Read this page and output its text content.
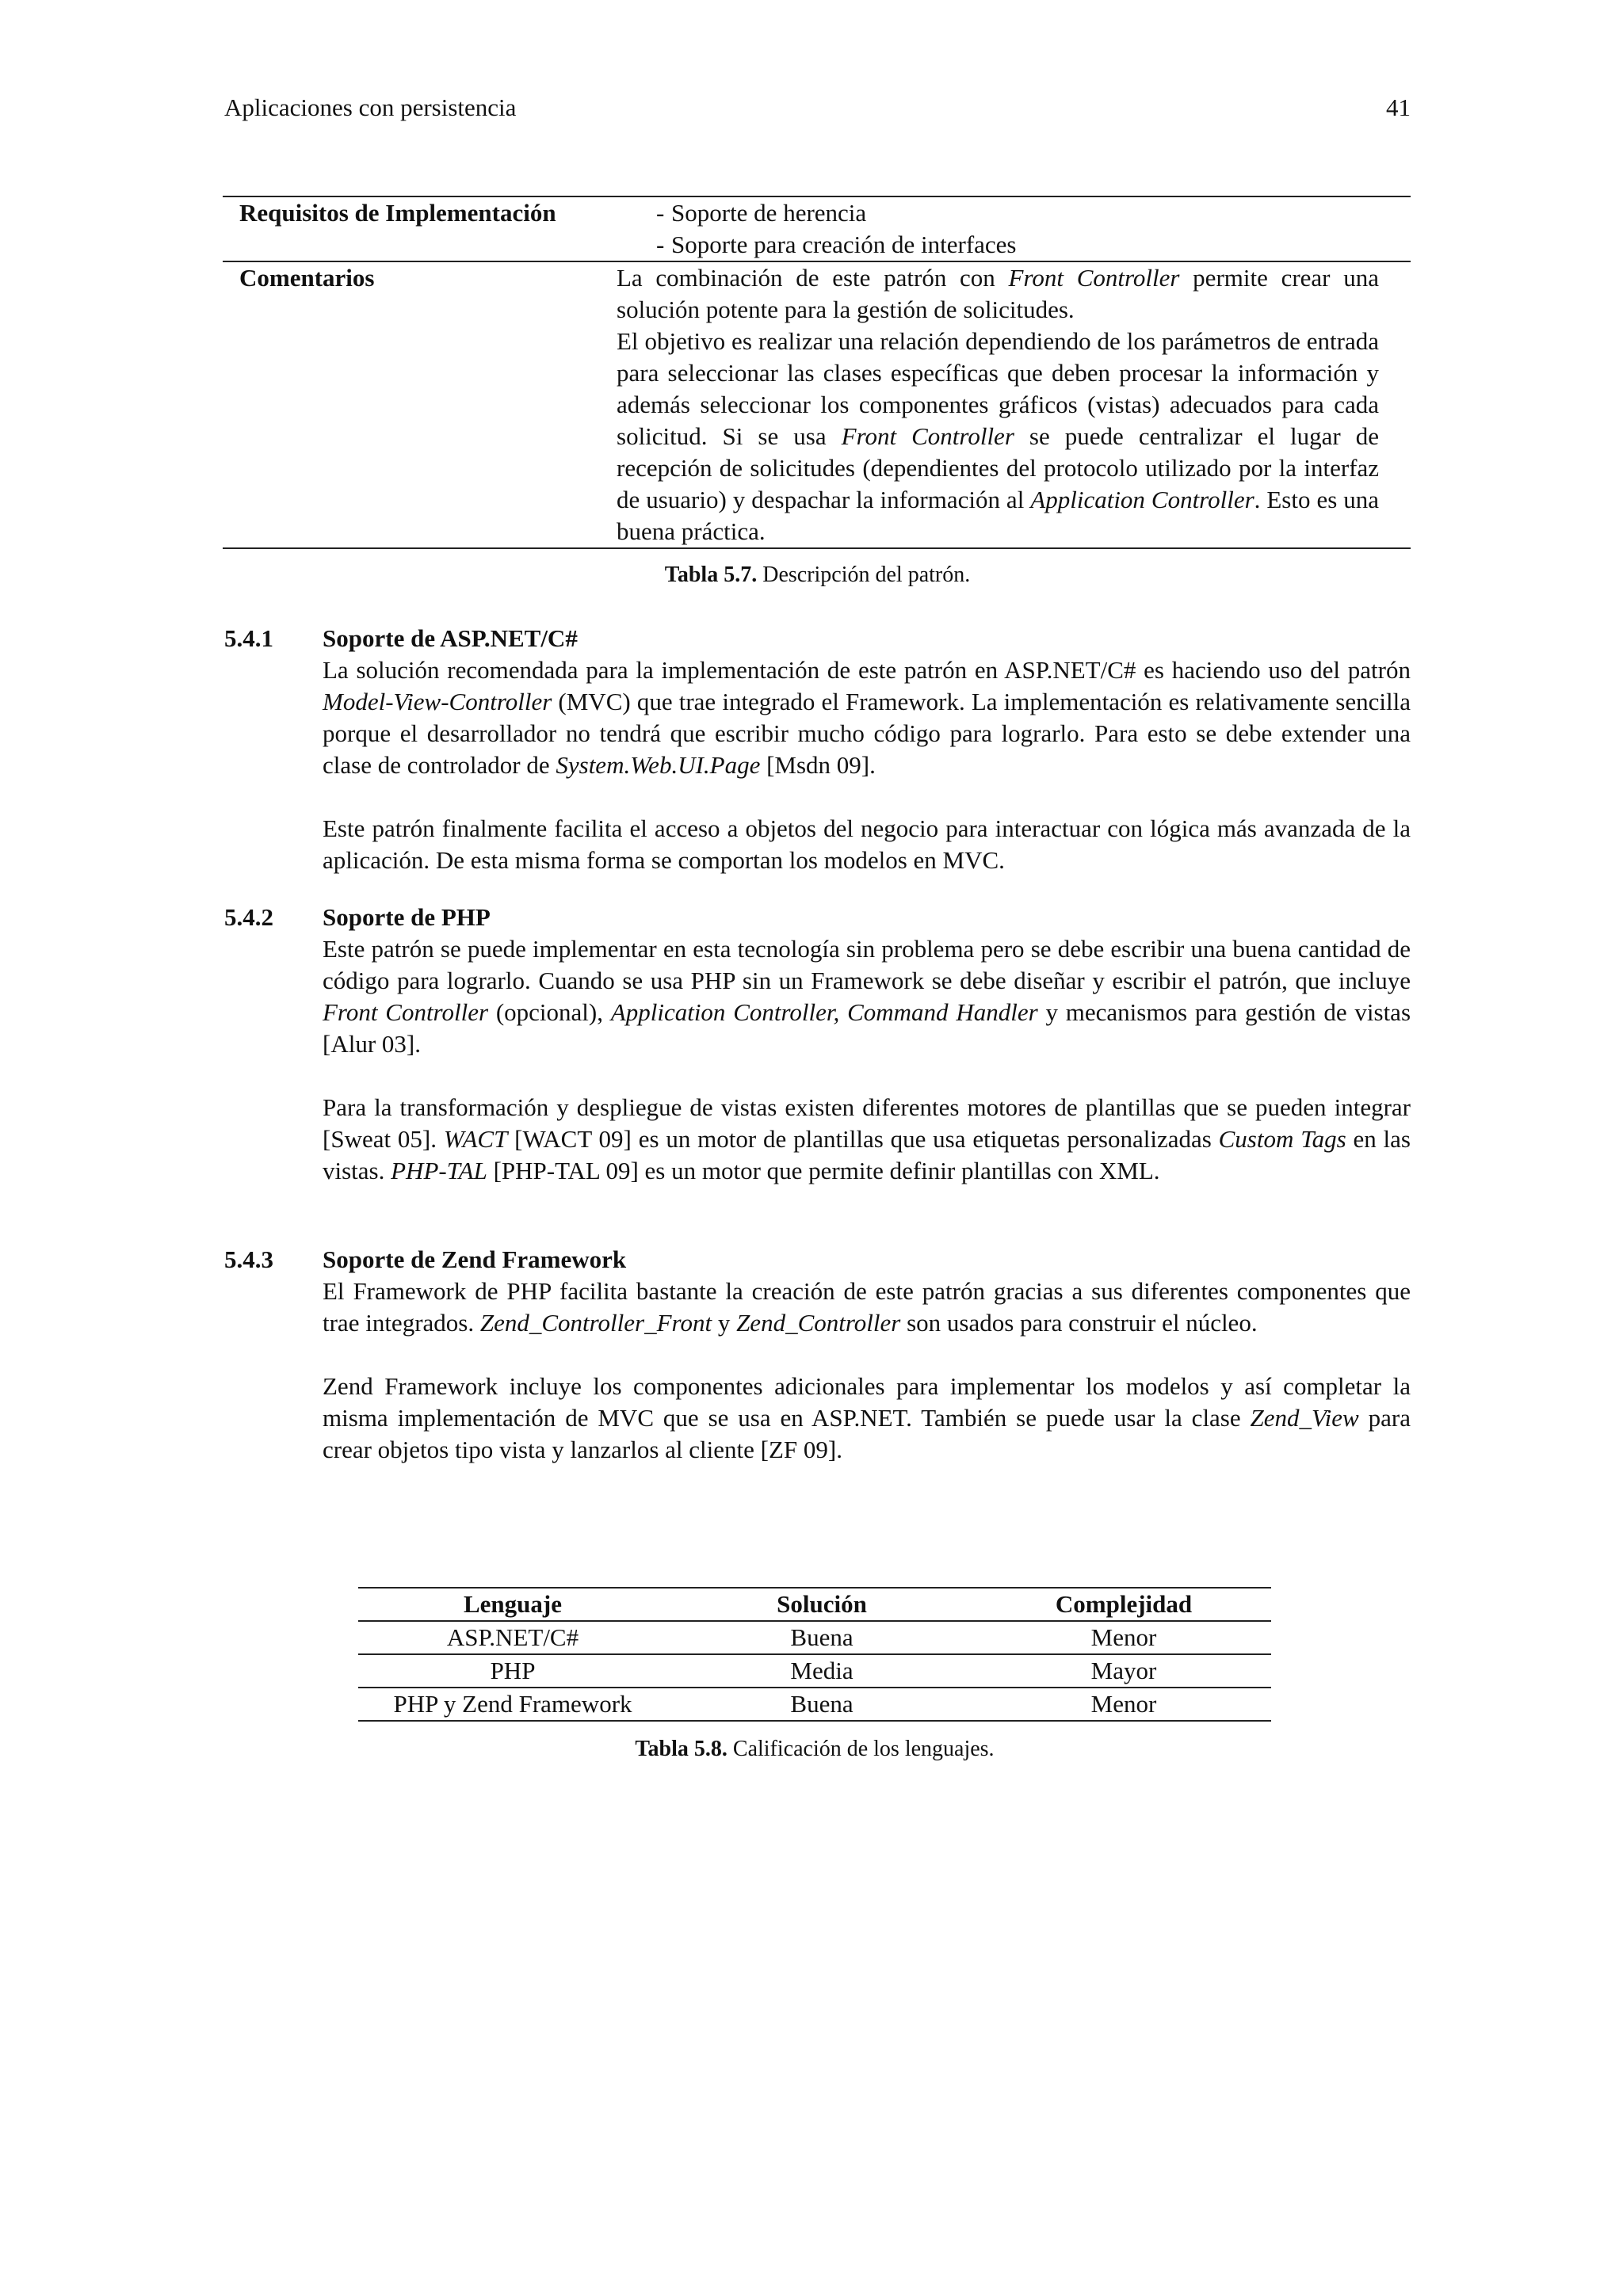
Aplicaciones con persistencia	41
Requisitos de Implementación	- Soporte de herencia
- Soporte para creación de interfaces
Comentarios	La combinación de este patrón con Front Controller permite crear una solución potente para la gestión de solicitudes.

El objetivo es realizar una relación dependiendo de los parámetros de entrada para seleccionar las clases específicas que deben procesar la información y además seleccionar los componentes gráficos (vistas) adecuados para cada solicitud. Si se usa Front Controller se puede centralizar el lugar de recepción de solicitudes (dependientes del protocolo utilizado por la interfaz de usuario) y despachar la información al Application Controller. Esto es una buena práctica.

Tabla 5.7. Descripción del patrón.
5.4.1 Soporte de ASP.NET/C#

La solución recomendada para la implementación de este patrón en ASP.NET/C# es haciendo uso del patrón Model-View-Controller (MVC) que trae integrado el Framework. La implementación es relativamente sencilla porque el desarrollador no tendrá que escribir mucho código para lograrlo. Para esto se debe extender una clase de controlador de System.Web.UI.Page [Msdn 09].

Este patrón finalmente facilita el acceso a objetos del negocio para interactuar con lógica más avanzada de la aplicación. De esta misma forma se comportan los modelos en MVC.

5.4.2 Soporte de PHP

Este patrón se puede implementar en esta tecnología sin problema pero se debe escribir una buena cantidad de código para lograrlo. Cuando se usa PHP sin un Framework se debe diseñar y escribir el patrón, que incluye Front Controller (opcional), Application Controller, Command Handler y mecanismos para gestión de vistas [Alur 03].

Para la transformación y despliegue de vistas existen diferentes motores de plantillas que se pueden integrar [Sweat 05]. WACT [WACT 09] es un motor de plantillas que usa etiquetas personalizadas Custom Tags en las vistas. PHP-TAL [PHP-TAL 09] es un motor que permite definir plantillas con XML.

5.4.3 Soporte de Zend Framework

El Framework de PHP facilita bastante la creación de este patrón gracias a sus diferentes componentes que trae integrados. Zend_Controller_Front y Zend_Controller son usados para construir el núcleo.

Zend Framework incluye los componentes adicionales para implementar los modelos y así completar la misma implementación de MVC que se usa en ASP.NET. También se puede usar la clase Zend_View para crear objetos tipo vista y lanzarlos al cliente [ZF 09].

Lenguaje	Solución	Complejidad
ASP.NET/C#	Buena	Menor
PHP	Media	Mayor
PHP y Zend Framework	Buena	Menor
Tabla 5.8. Calificación de los lenguajes.
